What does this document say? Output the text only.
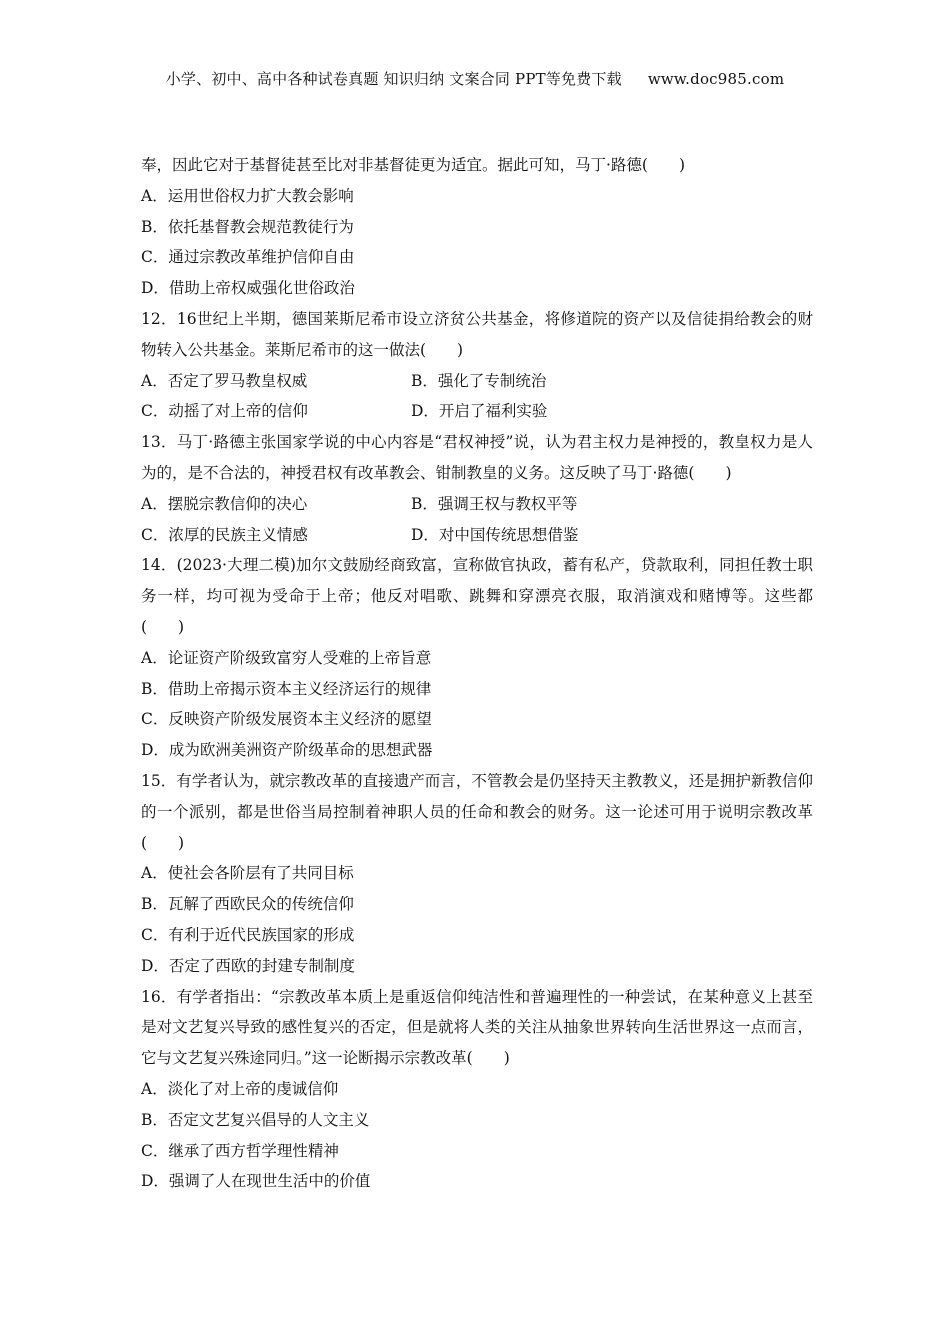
小学、初中、高中各种试卷真题 知识归纳 文案合同 PPT等免费下载 www.doc985.com
奉，因此它对于基督徒甚至比对非基督徒更为适宜。据此可知，马丁·路德(　　)
A．运用世俗权力扩大教会影响
B．依托基督教会规范教徒行为
C．通过宗教改革维护信仰自由
D．借助上帝权威强化世俗政治
12．16世纪上半期，德国莱斯尼希市设立济贫公共基金，将修道院的资产以及信徒捐给教会的财物转入公共基金。莱斯尼希市的这一做法(　　)
A．否定了罗马教皇权威	B．强化了专制统治
C．动摇了对上帝的信仰	D．开启了福利实验
13．马丁·路德主张国家学说的中心内容是“君权神授”说，认为君主权力是神授的，教皇权力是人为的，是不合法的，神授君权有改革教会、钳制教皇的义务。这反映了马丁·路德(　　)
A．摆脱宗教信仰的决心	B．强调王权与教权平等
C．浓厚的民族主义情感	D．对中国传统思想借鉴
14．(2023·大理二模)加尔文鼓励经商致富，宣称做官执政，蓄有私产，贷款取利，同担任教士职务一样，均可视为受命于上帝；他反对唱歌、跳舞和穿漂亮衣服，取消演戏和赌博等。这些都(　　)
A．论证资产阶级致富穷人受难的上帝旨意
B．借助上帝揭示资本主义经济运行的规律
C．反映资产阶级发展资本主义经济的愿望
D．成为欧洲美洲资产阶级革命的思想武器
15．有学者认为，就宗教改革的直接遗产而言，不管教会是仍坚持天主教教义，还是拥护新教信仰的一个派别，都是世俗当局控制着神职人员的任命和教会的财务。这一论述可用于说明宗教改革(　　)
A．使社会各阶层有了共同目标
B．瓦解了西欧民众的传统信仰
C．有利于近代民族国家的形成
D．否定了西欧的封建专制制度
16．有学者指出：“宗教改革本质上是重返信仰纯洁性和普遍理性的一种尝试，在某种意义上甚至是对文艺复兴导致的感性复兴的否定，但是就将人类的关注从抽象世界转向生活世界这一点而言，它与文艺复兴殊途同归。”这一论断揭示宗教改革(　　)
A．淡化了对上帝的虔诚信仰
B．否定文艺复兴倡导的人文主义
C．继承了西方哲学理性精神
D．强调了人在现世生活中的价值
